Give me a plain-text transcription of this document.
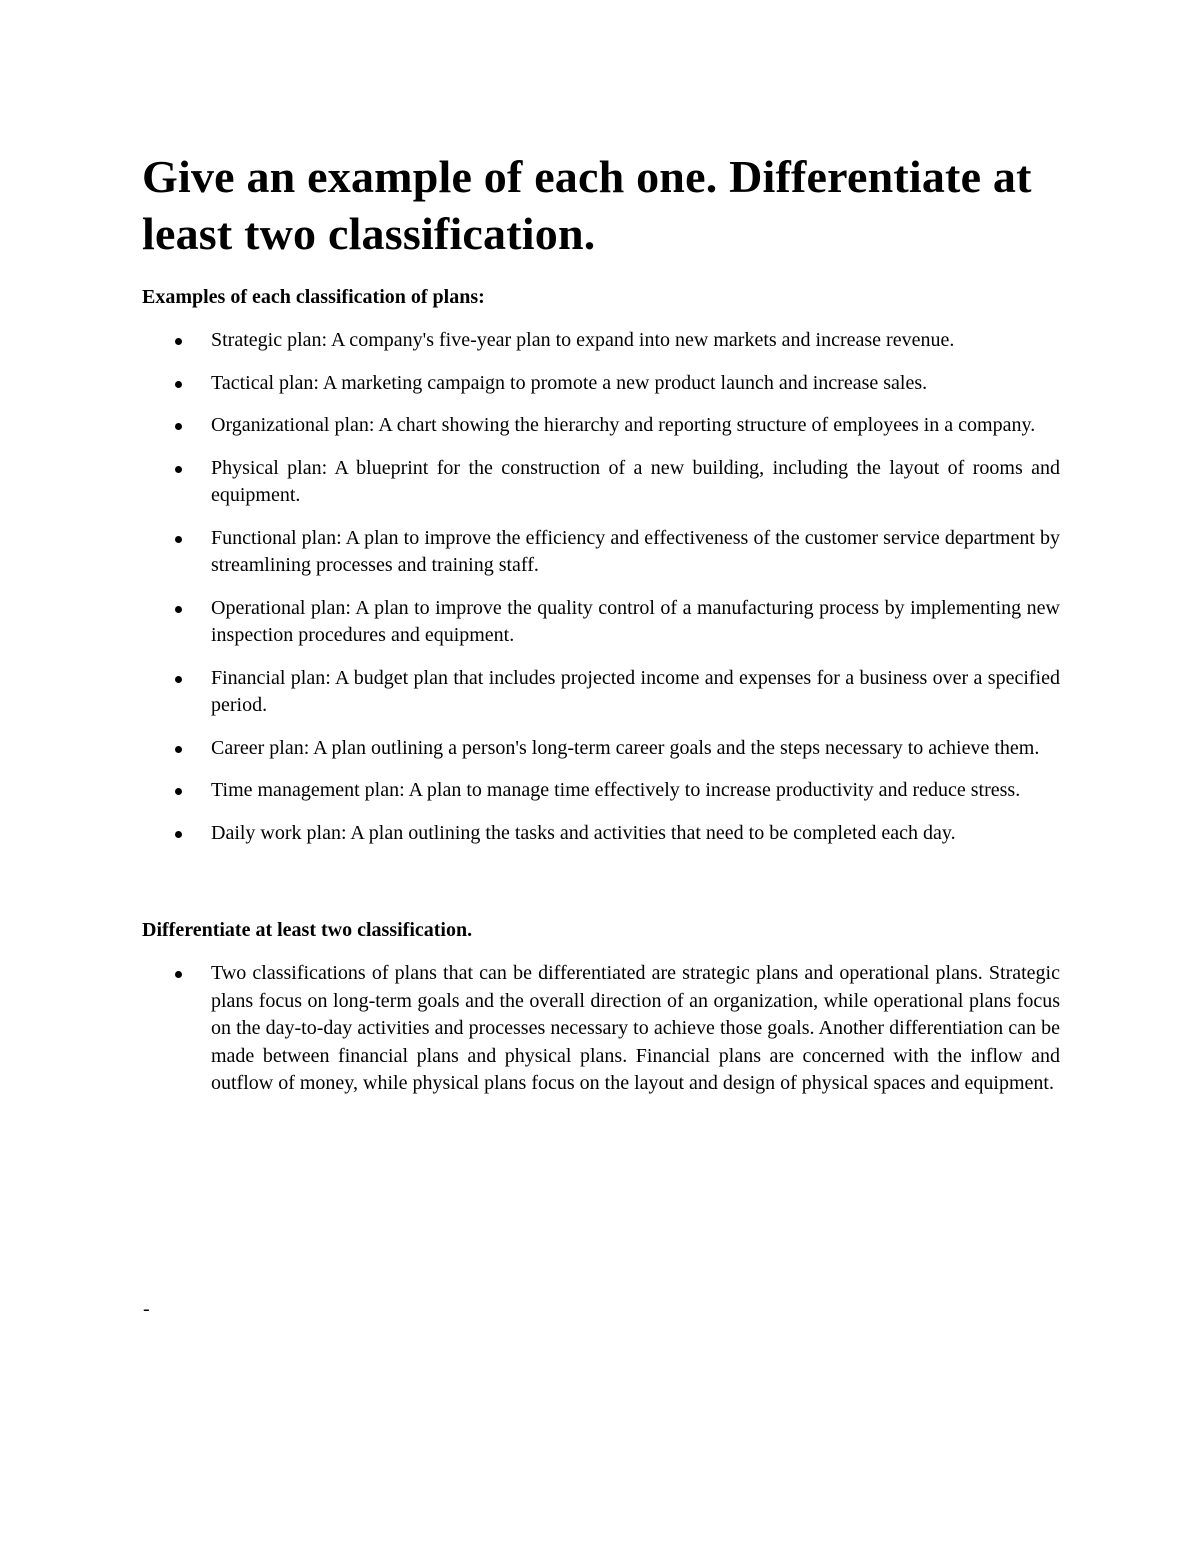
Give an example of each one. Differentiate at least two classification.

Examples of each classification of plans:

Strategic plan: A company's five-year plan to expand into new markets and increase revenue.
Tactical plan: A marketing campaign to promote a new product launch and increase sales.
Organizational plan: A chart showing the hierarchy and reporting structure of employees in a company.
Physical plan: A blueprint for the construction of a new building, including the layout of rooms and equipment.
Functional plan: A plan to improve the efficiency and effectiveness of the customer service department by streamlining processes and training staff.
Operational plan: A plan to improve the quality control of a manufacturing process by implementing new inspection procedures and equipment.
Financial plan: A budget plan that includes projected income and expenses for a business over a specified period.
Career plan: A plan outlining a person's long-term career goals and the steps necessary to achieve them.
Time management plan: A plan to manage time effectively to increase productivity and reduce stress.
Daily work plan: A plan outlining the tasks and activities that need to be completed each day.

Differentiate at least two classification.

Two classifications of plans that can be differentiated are strategic plans and operational plans. Strategic plans focus on long-term goals and the overall direction of an organization, while operational plans focus on the day-to-day activities and processes necessary to achieve those goals. Another differentiation can be made between financial plans and physical plans. Financial plans are concerned with the inflow and outflow of money, while physical plans focus on the layout and design of physical spaces and equipment.
-
